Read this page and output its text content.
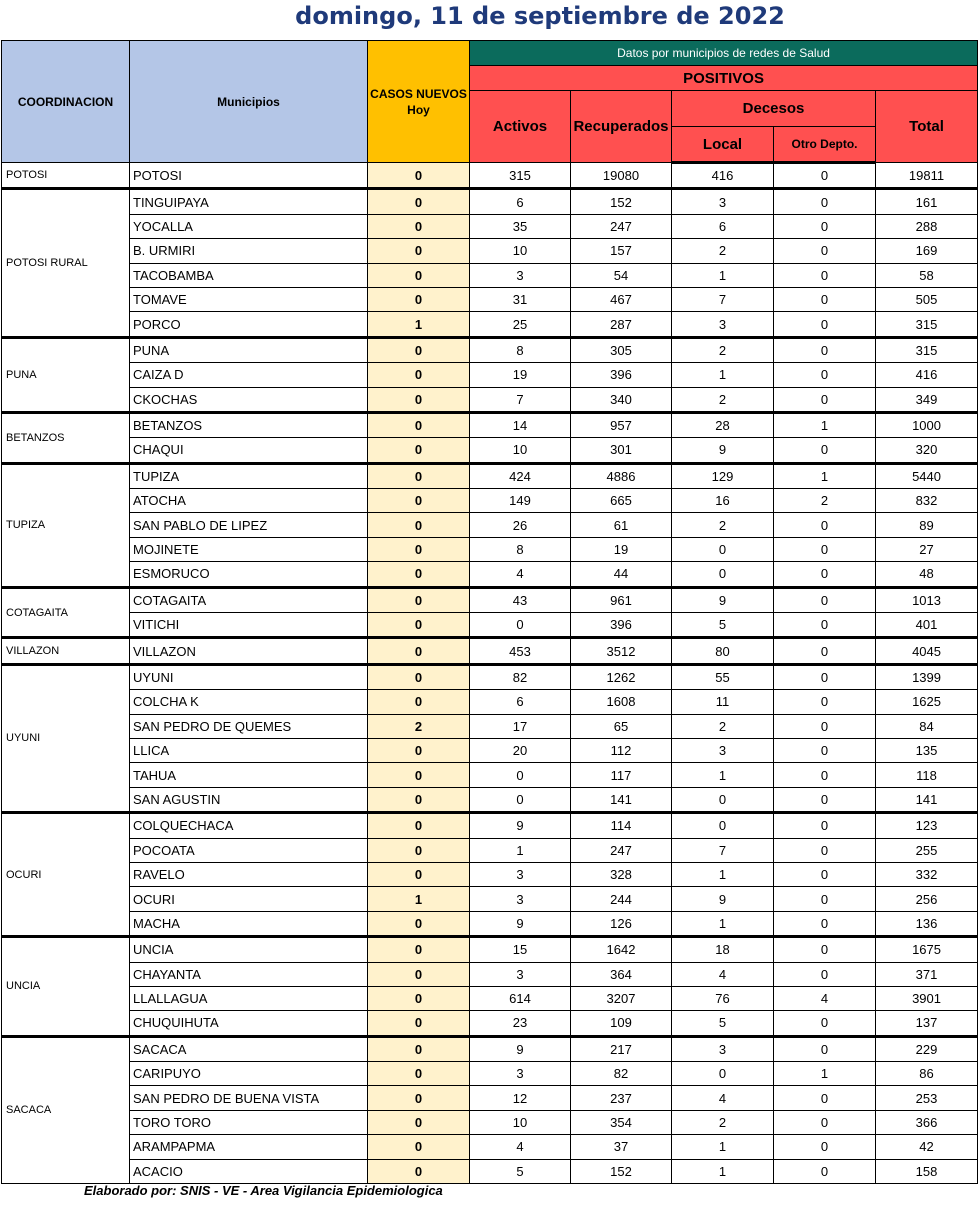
domingo, 11 de septiembre de 2022
COORDINACION	Municipios	CASOS NUEVOS Hoy	Datos por municipios de redes de Salud				
			POSITIVOS				
			Activos	Recuperados	Decesos		Total
					Local	Otro Depto.	
POTOSI	POTOSI	0	315	19080	416	0	19811
POTOSI RURAL	TINGUIPAYA	0	6	152	3	0	161
	YOCALLA	0	35	247	6	0	288
	B. URMIRI	0	10	157	2	0	169
	TACOBAMBA	0	3	54	1	0	58
	TOMAVE	0	31	467	7	0	505
	PORCO	1	25	287	3	0	315
PUNA	PUNA	0	8	305	2	0	315
	CAIZA D	0	19	396	1	0	416
	CKOCHAS	0	7	340	2	0	349
BETANZOS	BETANZOS	0	14	957	28	1	1000
	CHAQUI	0	10	301	9	0	320
TUPIZA	TUPIZA	0	424	4886	129	1	5440
	ATOCHA	0	149	665	16	2	832
	SAN PABLO DE LIPEZ	0	26	61	2	0	89
	MOJINETE	0	8	19	0	0	27
	ESMORUCO	0	4	44	0	0	48
COTAGAITA	COTAGAITA	0	43	961	9	0	1013
	VITICHI	0	0	396	5	0	401
VILLAZON	VILLAZON	0	453	3512	80	0	4045
UYUNI	UYUNI	0	82	1262	55	0	1399
	COLCHA K	0	6	1608	11	0	1625
	SAN PEDRO DE QUEMES	2	17	65	2	0	84
	LLICA	0	20	112	3	0	135
	TAHUA	0	0	117	1	0	118
	SAN AGUSTIN	0	0	141	0	0	141
OCURI	COLQUECHACA	0	9	114	0	0	123
	POCOATA	0	1	247	7	0	255
	RAVELO	0	3	328	1	0	332
	OCURI	1	3	244	9	0	256
	MACHA	0	9	126	1	0	136
UNCIA	UNCIA	0	15	1642	18	0	1675
	CHAYANTA	0	3	364	4	0	371
	LLALLAGUA	0	614	3207	76	4	3901
	CHUQUIHUTA	0	23	109	5	0	137
SACACA	SACACA	0	9	217	3	0	229
	CARIPUYO	0	3	82	0	1	86
	SAN PEDRO DE BUENA VISTA	0	12	237	4	0	253
	TORO TORO	0	10	354	2	0	366
	ARAMPAPMA	0	4	37	1	0	42
	ACACIO	0	5	152	1	0	158
Elaborado por: SNIS - VE - Area Vigilancia Epidemiologica
